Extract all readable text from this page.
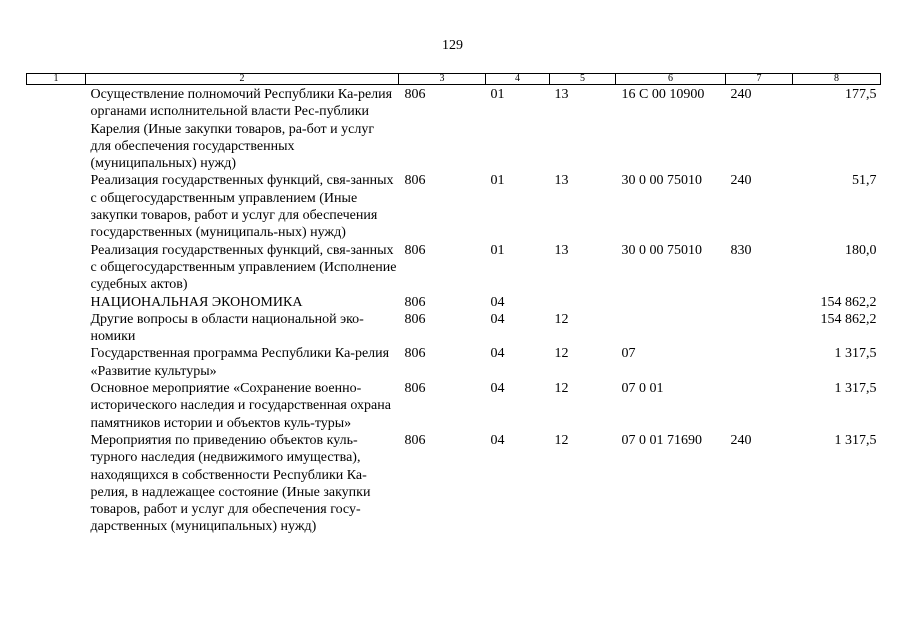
129
1	2	3	4	5	6	7	8
	Осуществление полномочий Республики Ка-релия органами исполнительной власти Рес-публики Карелия (Иные закупки товаров, ра-бот и услуг для обеспечения государственных (муниципальных) нужд)	806	01	13	16 С 00 10900	240	177,5
	Реализация государственных функций, свя-занных с общегосударственным управлением (Иные закупки товаров, работ и услуг для обеспечения государственных (муниципаль-ных) нужд)	806	01	13	30 0 00 75010	240	51,7
	Реализация государственных функций, свя-занных с общегосударственным управлением (Исполнение судебных актов)	806	01	13	30 0 00 75010	830	180,0
	НАЦИОНАЛЬНАЯ ЭКОНОМИКА	806	04				154 862,2
	Другие вопросы в области национальной эко-номики	806	04	12			154 862,2
	Государственная программа Республики Ка-релия «Развитие культуры»	806	04	12	07		1 317,5
	Основное мероприятие «Сохранение военно-исторического наследия и государственная охрана памятников истории и объектов куль-туры»	806	04	12	07 0 01		1 317,5
	Мероприятия по приведению объектов куль-турного наследия (недвижимого имущества), находящихся в собственности Республики Ка-релия, в надлежащее состояние (Иные закупки товаров, работ и услуг для обеспечения госу-дарственных (муниципальных) нужд)	806	04	12	07 0 01 71690	240	1 317,5
